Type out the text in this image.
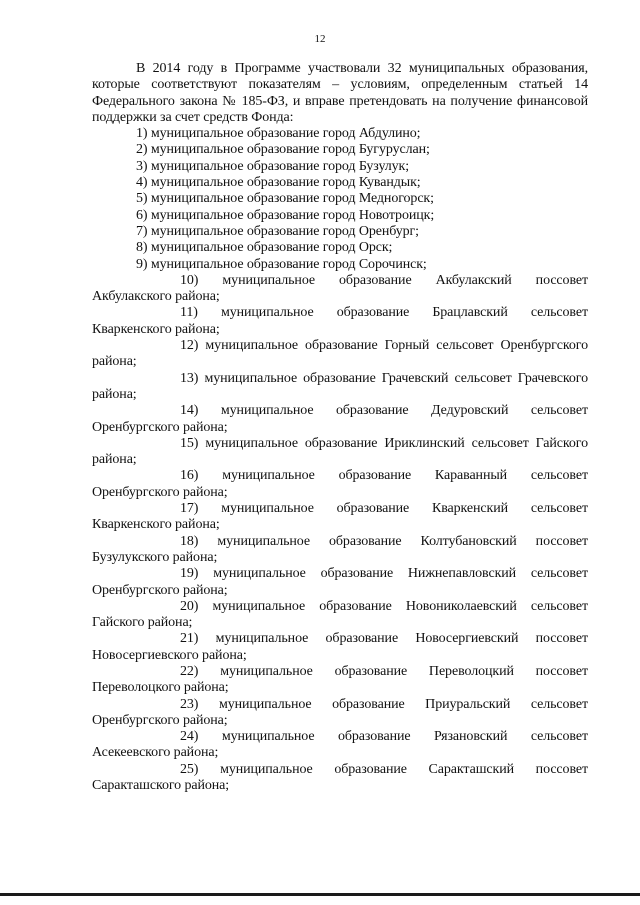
12

В 2014 году в Программе участвовали 32 муниципальных образования, которые соответствуют показателям – условиям, определенным статьей 14 Федерального закона № 185-ФЗ, и вправе претендовать на получение финансовой поддержки за счет средств Фонда:

1) муниципальное образование город Абдулино;
2) муниципальное образование город Бугуруслан;
3) муниципальное образование город Бузулук;
4) муниципальное образование город Кувандык;
5) муниципальное образование город Медногорск;
6) муниципальное образование город Новотроицк;
7) муниципальное образование город Оренбург;
8) муниципальное образование город Орск;
9) муниципальное образование город Сорочинск;
10) муниципальное образование Акбулакский поссовет Акбулакского района;
11) муниципальное образование Брацлавский сельсовет Кваркенского района;
12) муниципальное образование Горный сельсовет Оренбургского района;
13) муниципальное образование Грачевский сельсовет Грачевского района;
14) муниципальное образование Дедуровский сельсовет Оренбургского района;
15) муниципальное образование Ириклинский сельсовет Гайского района;
16) муниципальное образование Караванный сельсовет Оренбургского района;
17) муниципальное образование Кваркенский сельсовет Кваркенского района;
18) муниципальное образование Колтубановский поссовет Бузулукского района;
19) муниципальное образование Нижнепавловский сельсовет Оренбургского района;
20) муниципальное образование Новониколаевский сельсовет Гайского района;
21) муниципальное образование Новосергиевский поссовет Новосергиевского района;
22) муниципальное образование Переволоцкий поссовет Переволоцкого района;
23) муниципальное образование Приуральский сельсовет Оренбургского района;
24) муниципальное образование Рязановский сельсовет Асекеевского района;
25) муниципальное образование Саракташский поссовет Саракташского района;
